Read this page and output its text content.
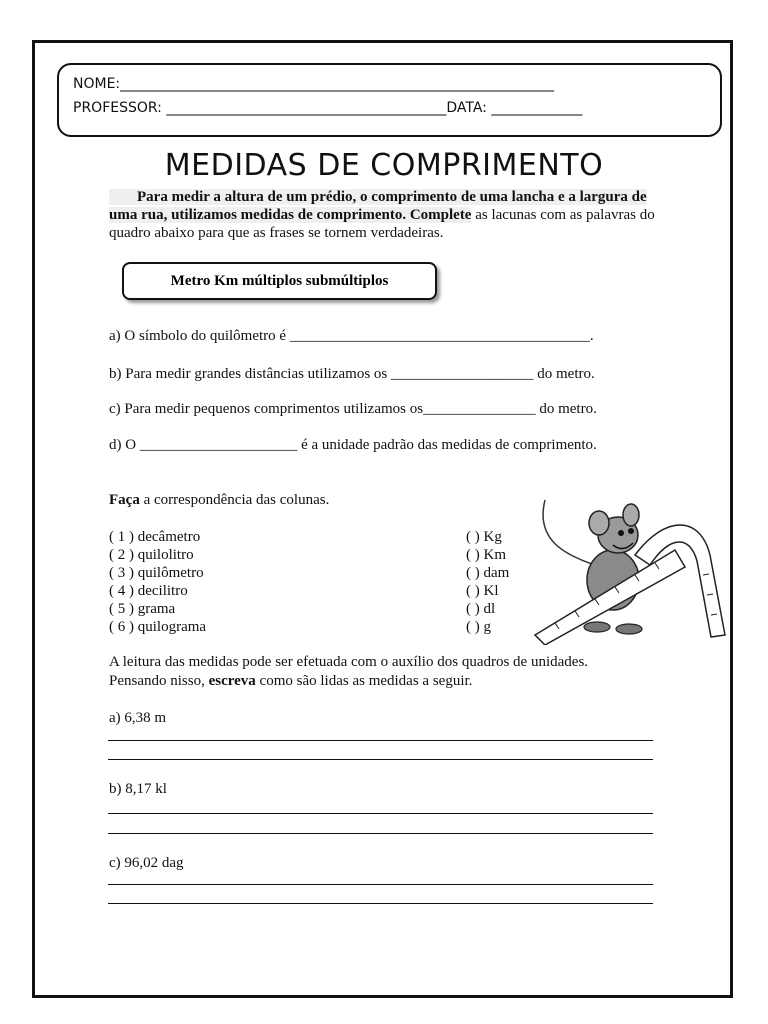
NOME:______________________________________________________________
PROFESSOR: ________________________________________DATA: _____________
MEDIDAS DE COMPRIMENTO
Para medir a altura de um prédio, o comprimento de uma lancha e a largura de uma rua, utilizamos medidas de comprimento. Complete as lacunas com as palavras do quadro abaixo para que as frases se tornem verdadeiras.
Metro Km múltiplos submúltiplos
a) O símbolo do quilômetro é ________________________________________.
b) Para medir grandes distâncias utilizamos os ___________________ do metro.
c) Para medir pequenos comprimentos utilizamos os_______________ do metro.
d) O _____________________ é a unidade padrão das medidas de comprimento.
Faça a correspondência das colunas.
( 1 ) decâmetro
( 2 ) quilolitro
( 3 ) quilômetro
( 4 ) decilitro
( 5 ) grama
( 6 ) quilograma
( ) Kg
( ) Km
( ) dam
( ) Kl
( ) dl
( ) g
A leitura das medidas pode ser efetuada com o auxílio dos quadros de unidades.
Pensando nisso, escreva como são lidas as medidas a seguir.
a) 6,38 m
b) 8,17 kl
c) 96,02 dag
